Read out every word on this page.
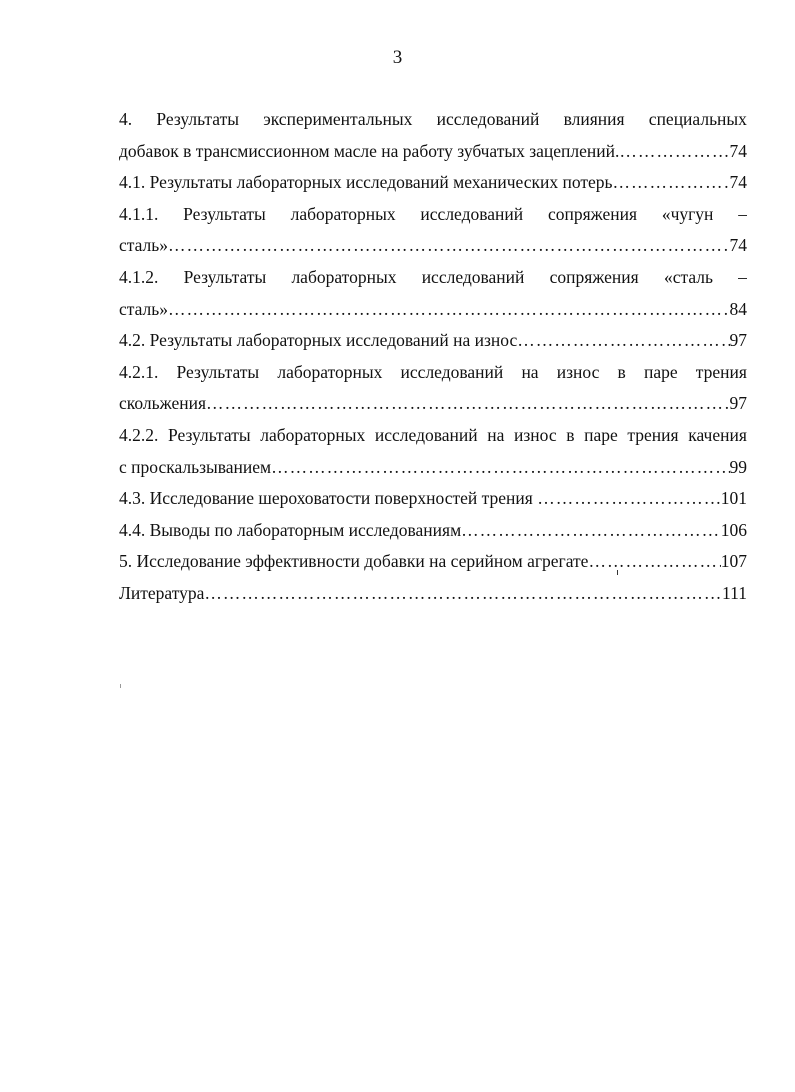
3
4. Результаты экспериментальных исследований влияния специальных
добавок в трансмиссионном масле на работу зубчатых зацеплений. ……………………………………………………………………………………………………………………………………………………………………	74
4.1. Результаты лабораторных исследований механических потерь ……………………………………………………………………………………………………………………………………………………………………	74
4.1.1. Результаты лабораторных исследований сопряжения «чугун –
сталь» ……………………………………………………………………………………………………………………………………………………………………	74
4.1.2. Результаты лабораторных исследований сопряжения «сталь –
сталь» ……………………………………………………………………………………………………………………………………………………………………	84
4.2. Результаты лабораторных исследований на износ ……………………………………………………………………………………………………………………………………………………………………	97
4.2.1. Результаты лабораторных исследований на износ в паре трения
скольжения ……………………………………………………………………………………………………………………………………………………………………	97
4.2.2. Результаты лабораторных исследований на износ в паре трения качения
с проскальзыванием ……………………………………………………………………………………………………………………………………………………………………	99
4.3. Исследование шероховатости поверхностей трения ……………………………………………………………………………………………………………………………………………………………………	101
4.4. Выводы по лабораторным исследованиям ……………………………………………………………………………………………………………………………………………………………………	106
5. Исследование эффективности добавки на серийном агрегате ……………………………………………………………………………………………………………………………………………………………………	107
Литература ……………………………………………………………………………………………………………………………………………………………………	111
